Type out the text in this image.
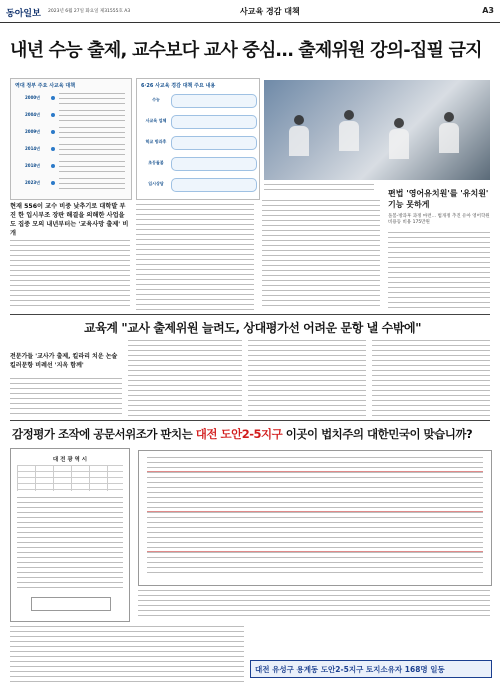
동아일보 2023년 6월 27일 화요일 제31555호 A3	사교육 경감 대책	A3
내년 수능 출제, 교수보다 교사 중심… 출제위원 강의-집필 금지
역대 정부 주요 사교육 대책
2000년
2004년
2009년
2014년
2018년
2023년
6·26 사교육 경감 대책 주요 내용
수능
사교육 업체
학교 방과후
초등돌봄
입시상담
편법 '영어유치원'를 '유치원' 기능 못하게
돌봄-방과후 과정 마련… 법개정 추진 유아 영어학원 비용등 비용 175만원
현재 556이 교수 비중 낮추기로 대학발 부진 한 입시부조 장판 해결을 의해한 사업을 도 집중 모의 내년부터는 '교육사망 출제' 비개
교육계 "교사 출제위원 늘려도, 상대평가선 어려운 문항 낼 수밖에"
전문가들 '교사가 출제, 킬라리 치운 논술 킬러문항 비례선 '지옥 함께'
감정평가 조작에 공문서위조가 판치는 대전 도안2-5지구 이곳이 법치주의 대한민국이 맞습니까?
대 전 광 역 시
대전 유성구 용계동 도안2-5지구 토지소유자 168명 일동
